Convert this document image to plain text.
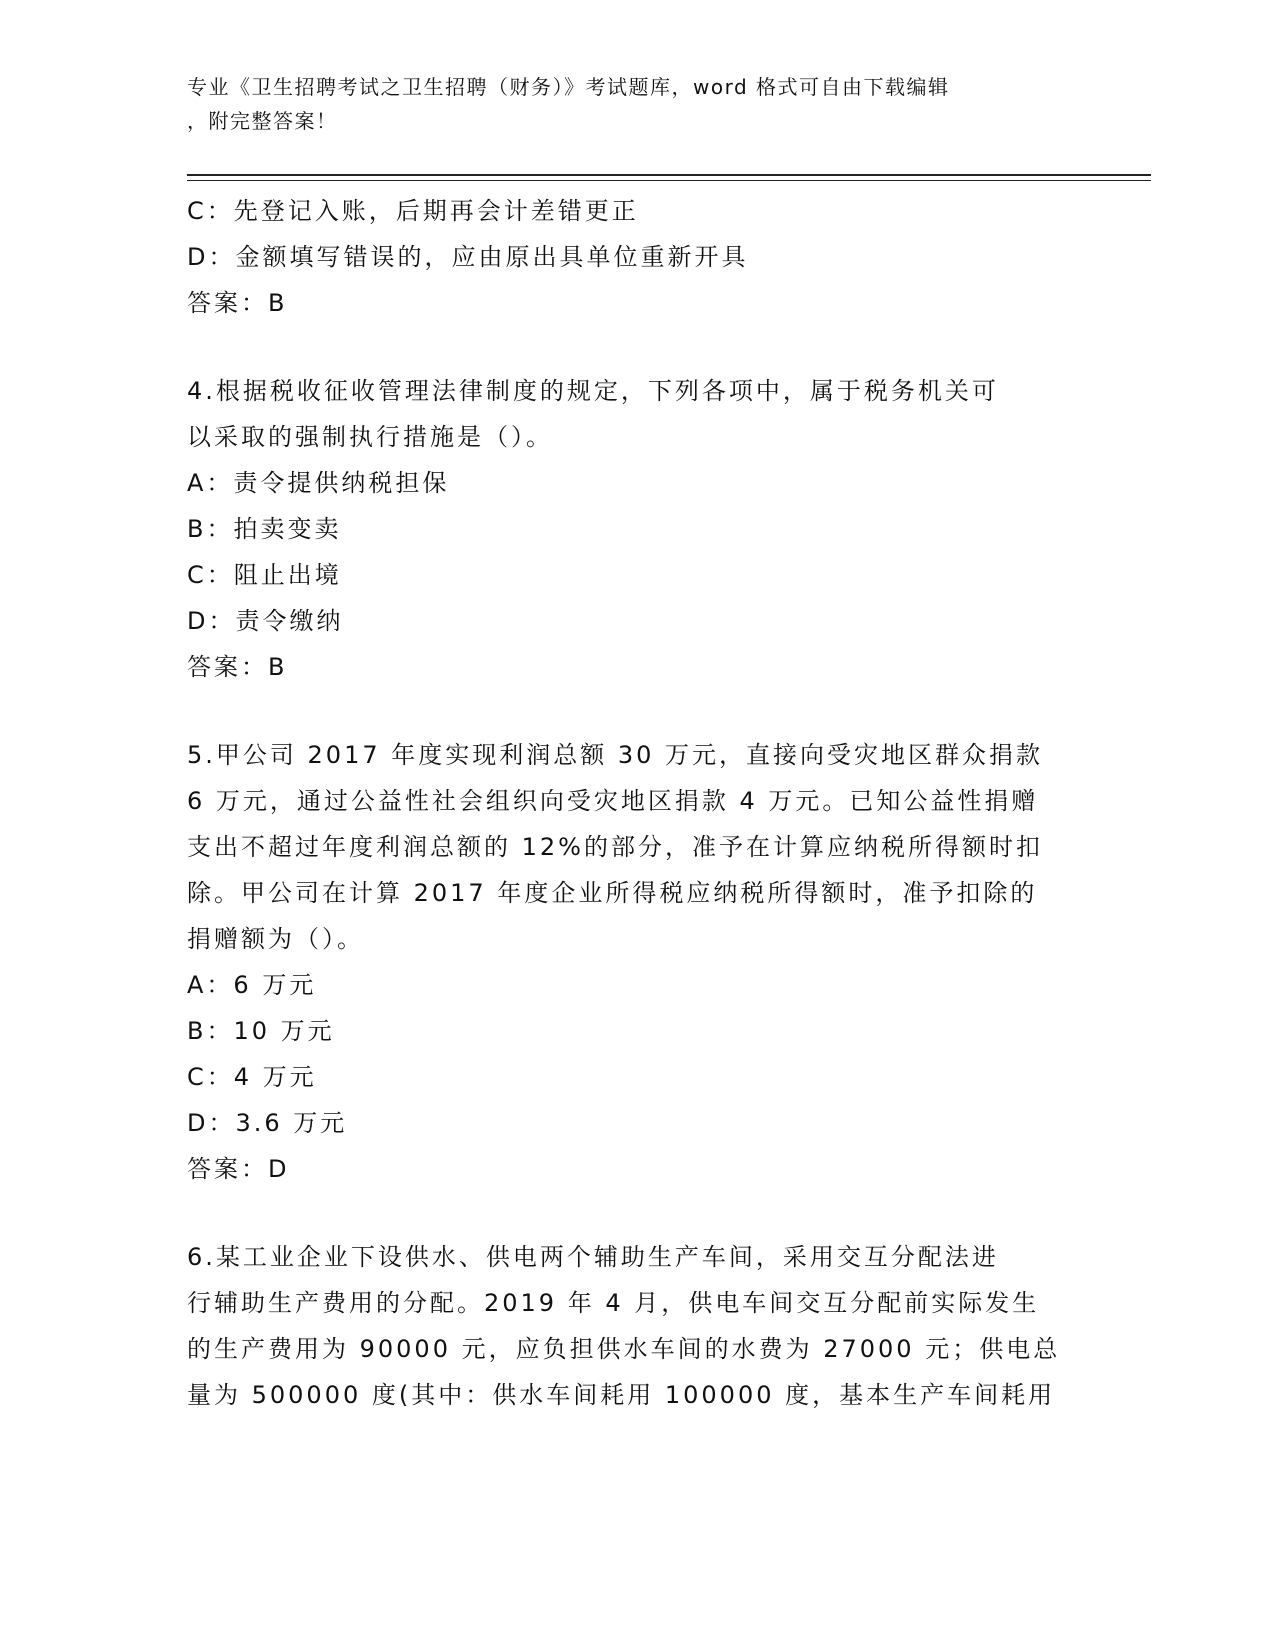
专业《卫生招聘考试之卫生招聘（财务）》考试题库，word 格式可自由下载编辑

，附完整答案！

C：先登记入账，后期再会计差错更正

D：金额填写错误的，应由原出具单位重新开具

答案：B

4.根据税收征收管理法律制度的规定，下列各项中，属于税务机关可

以采取的强制执行措施是（）。

A：责令提供纳税担保

B：拍卖变卖

C：阻止出境

D：责令缴纳

答案：B

5.甲公司 2017 年度实现利润总额 30 万元，直接向受灾地区群众捐款

6 万元，通过公益性社会组织向受灾地区捐款 4 万元。已知公益性捐赠

支出不超过年度利润总额的 12%的部分，准予在计算应纳税所得额时扣

除。甲公司在计算 2017 年度企业所得税应纳税所得额时，准予扣除的

捐赠额为（）。

A：6 万元

B：10 万元

C：4 万元

D：3.6 万元

答案：D

6.某工业企业下设供水、供电两个辅助生产车间，采用交互分配法进

行辅助生产费用的分配。2019 年 4 月，供电车间交互分配前实际发生

的生产费用为 90000 元，应负担供水车间的水费为 27000 元；供电总

量为 500000 度(其中：供水车间耗用 100000 度，基本生产车间耗用
